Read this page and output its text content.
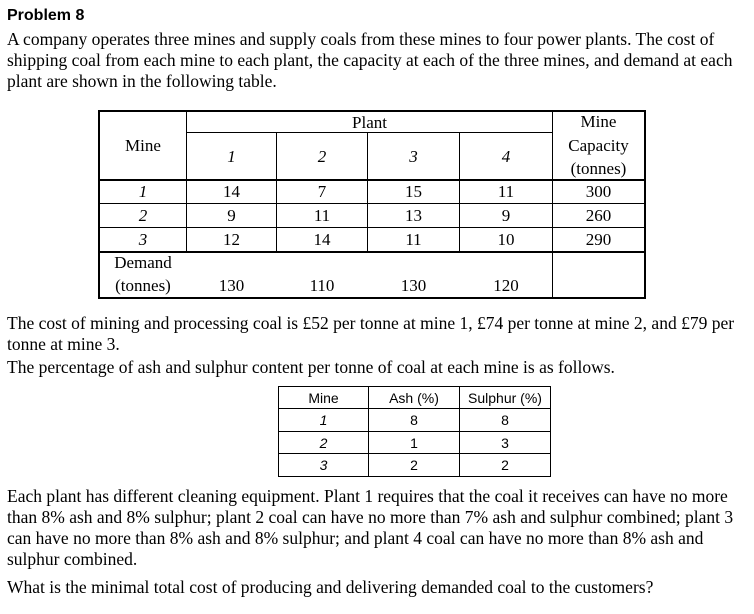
Problem 8
A company operates three mines and supply coals from these mines to four power plants. The cost of shipping coal from each mine to each plant, the capacity at each of the three mines, and demand at each plant are shown in the following table.
Mine
Plant
1	2	3	4
Mine
Capacity
(tonnes)
1	14	7	15	11	300
2	9	11	13	9	260
3	12	14	11	10	290
Demand
(tonnes)	130	110	130	120
The cost of mining and processing coal is £52 per tonne at mine 1, £74 per tonne at mine 2, and £79 per tonne at mine 3.
The percentage of ash and sulphur content per tonne of coal at each mine is as follows.
Mine	Ash (%)	Sulphur (%)
1	8	8
2	1	3
3	2	2
Each plant has different cleaning equipment. Plant 1 requires that the coal it receives can have no more than 8% ash and 8% sulphur; plant 2 coal can have no more than 7% ash and sulphur combined; plant 3 can have no more than 8% ash and 8% sulphur; and plant 4 coal can have no more than 8% ash and sulphur combined.
What is the minimal total cost of producing and delivering demanded coal to the customers?
